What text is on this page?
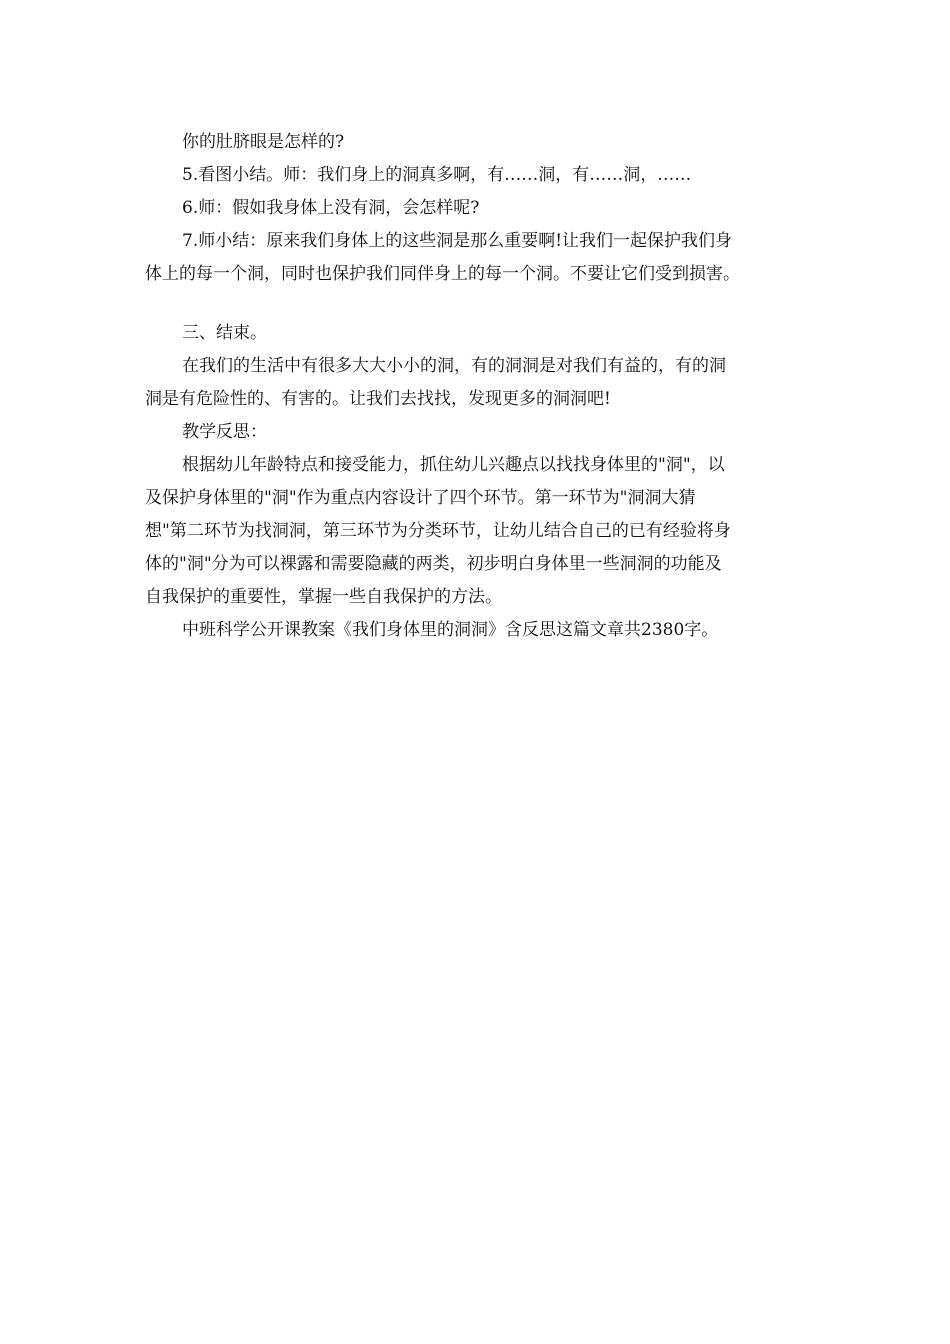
你的肚脐眼是怎样的?

5.看图小结。师：我们身上的洞真多啊，有……洞，有……洞，……

6.师：假如我身体上没有洞，会怎样呢?

7.师小结：原来我们身体上的这些洞是那么重要啊!让我们一起保护我们身
体上的每一个洞，同时也保护我们同伴身上的每一个洞。不要让它们受到损害。

三、结束。

在我们的生活中有很多大大小小的洞，有的洞洞是对我们有益的，有的洞
洞是有危险性的、有害的。让我们去找找，发现更多的洞洞吧!

教学反思：

根据幼儿年龄特点和接受能力，抓住幼儿兴趣点以找找身体里的"洞"，以
及保护身体里的"洞"作为重点内容设计了四个环节。第一环节为"洞洞大猜
想"第二环节为找洞洞，第三环节为分类环节，让幼儿结合自己的已有经验将身
体的"洞"分为可以裸露和需要隐藏的两类，初步明白身体里一些洞洞的功能及
自我保护的重要性，掌握一些自我保护的方法。

中班科学公开课教案《我们身体里的洞洞》含反思这篇文章共2380字。
